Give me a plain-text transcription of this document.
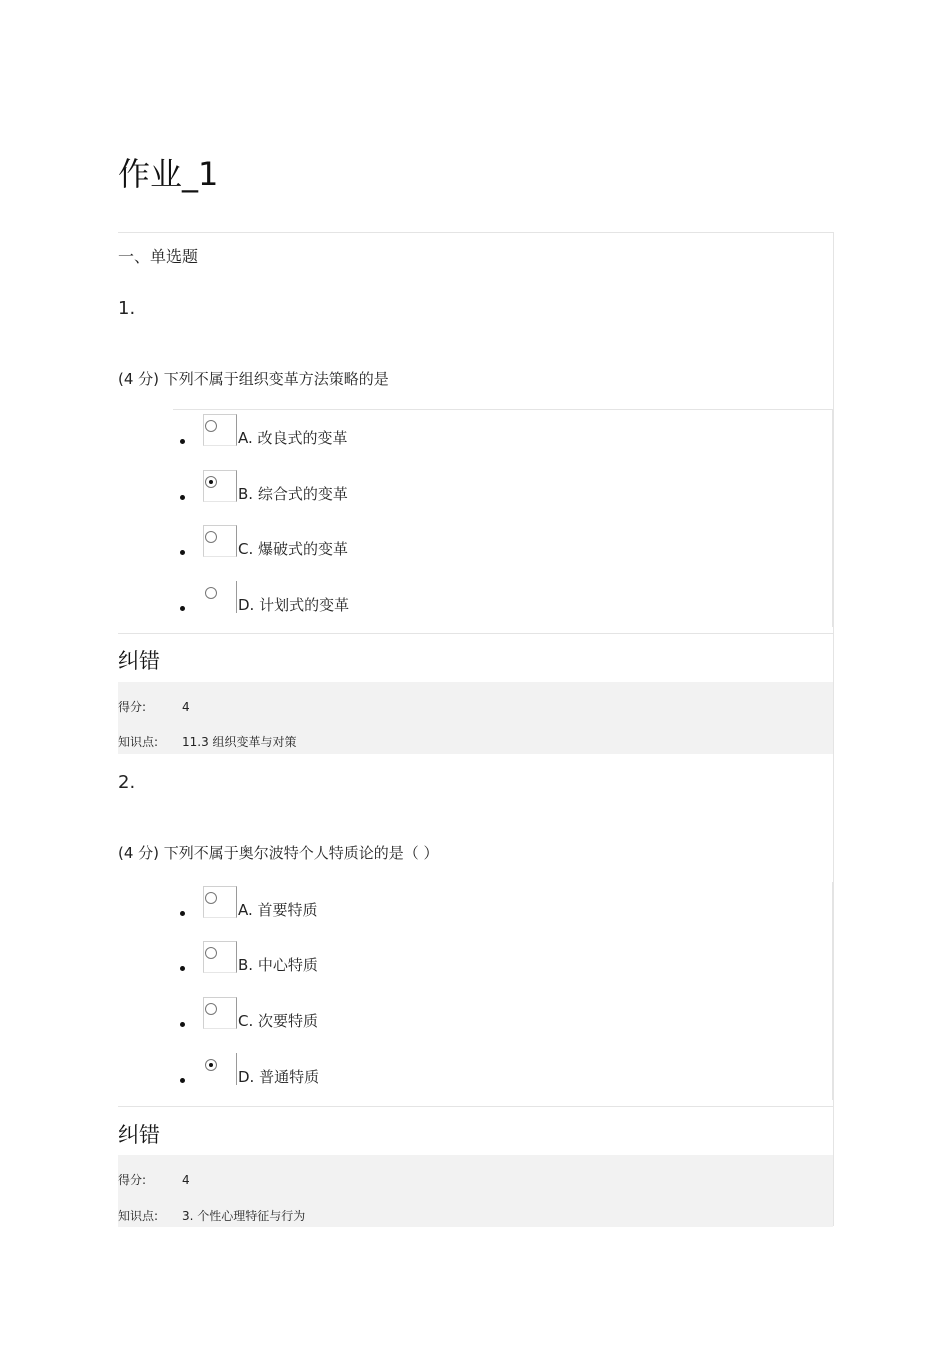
作业_1
一、单选题
1.
(4 分) 下列不属于组织变革方法策略的是
A. 改良式的变革
B. 综合式的变革
C. 爆破式的变革
D. 计划式的变革
纠错
得分:	4
知识点: 11.3 组织变革与对策
2.
(4 分) 下列不属于奥尔波特个人特质论的是（ ）
A. 首要特质
B. 中心特质
C. 次要特质
D. 普通特质
纠错
得分:	4
知识点: 3. 个性心理特征与行为
